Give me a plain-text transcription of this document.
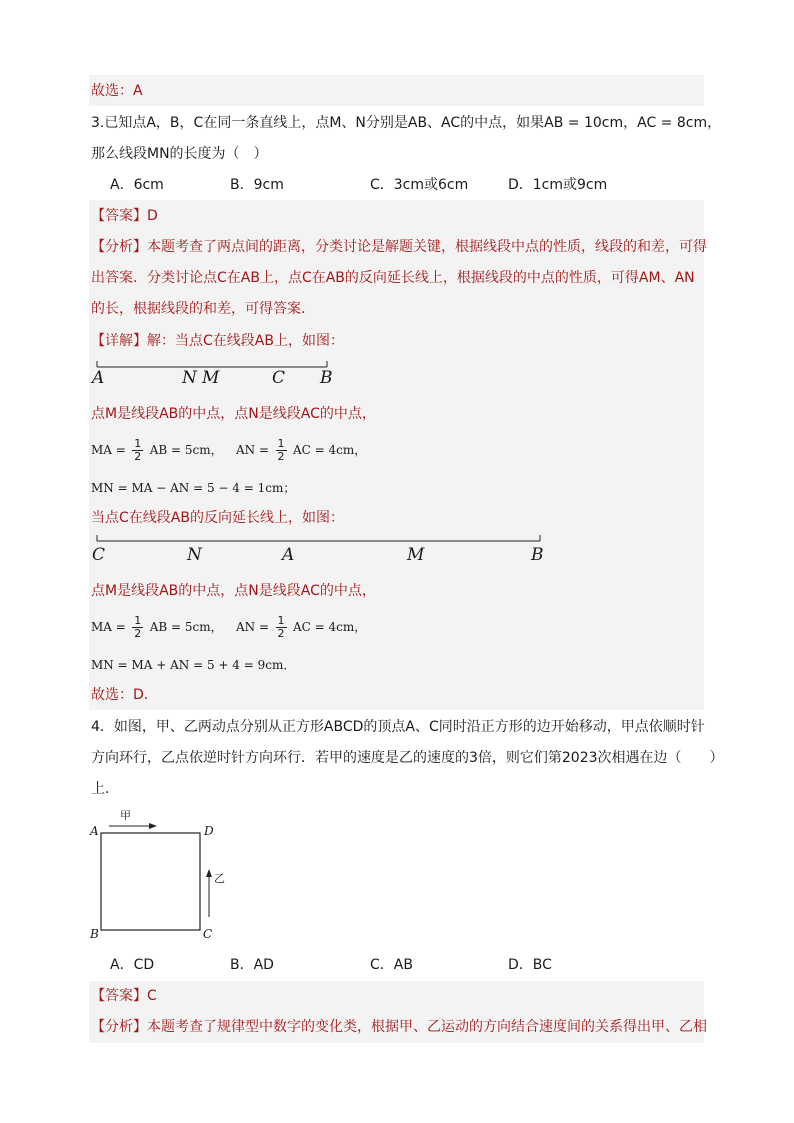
故选：A
3.已知点A，B，C在同一条直线上，点M、N分别是AB、AC的中点，如果AB = 10cm，AC = 8cm，
那么线段MN的长度为（　）
A．6cm	B．9cm	C．3cm或6cm	D．1cm或9cm
【答案】D
【分析】本题考查了两点间的距离，分类讨论是解题关键，根据线段中点的性质，线段的和差，可得
出答案．分类讨论点C在AB上，点C在AB的反向延长线上，根据线段的中点的性质，可得AM、AN
的长，根据线段的和差，可得答案．
【详解】解：当点C在线段AB上，如图：
A	N M	C B
点M是线段AB的中点，点N是线段AC的中点，
MA = $\frac{1}{2}$ AB = 5cm， AN = $\frac{1}{2}$ AC = 4cm，
MN = MA − AN = 5 − 4 = 1cm；
当点C在线段AB的反向延长线上，如图：
C	N	A	M	B
点M是线段AB的中点，点N是线段AC的中点，
MA = $\frac{1}{2}$ AB = 5cm， AN = $\frac{1}{2}$ AC = 4cm，
MN = MA + AN = 5 + 4 = 9cm．
故选：D．
4．如图，甲、乙两动点分别从正方形ABCD的顶点A、C同时沿正方形的边开始移动，甲点依顺时针
方向环行，乙点依逆时针方向环行．若甲的速度是乙的速度的3倍，则它们第2023次相遇在边（　　）
上．
A	D
B	C
甲
乙
A．CD	B．AD	C．AB	D．BC
【答案】C
【分析】本题考查了规律型中数字的变化类，根据甲、乙运动的方向结合速度间的关系得出甲、乙相
